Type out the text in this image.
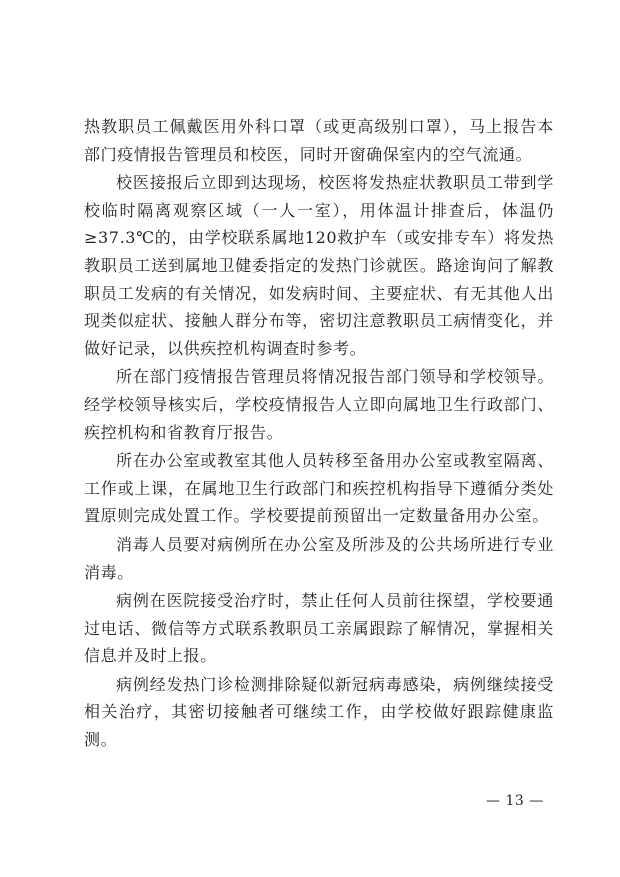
热教职员工佩戴医用外科口罩（或更高级别口罩），马上报告本部门疫情报告管理员和校医，同时开窗确保室内的空气流通。

校医接报后立即到达现场，校医将发热症状教职员工带到学校临时隔离观察区域（一人一室），用体温计排查后，体温仍≥37.3℃的，由学校联系属地120救护车（或安排专车）将发热教职员工送到属地卫健委指定的发热门诊就医。路途询问了解教职员工发病的有关情况，如发病时间、主要症状、有无其他人出现类似症状、接触人群分布等，密切注意教职员工病情变化，并做好记录，以供疾控机构调查时参考。

所在部门疫情报告管理员将情况报告部门领导和学校领导。经学校领导核实后，学校疫情报告人立即向属地卫生行政部门、疾控机构和省教育厅报告。

所在办公室或教室其他人员转移至备用办公室或教室隔离、工作或上课，在属地卫生行政部门和疾控机构指导下遵循分类处置原则完成处置工作。学校要提前预留出一定数量备用办公室。

消毒人员要对病例所在办公室及所涉及的公共场所进行专业消毒。

病例在医院接受治疗时，禁止任何人员前往探望，学校要通过电话、微信等方式联系教职员工亲属跟踪了解情况，掌握相关信息并及时上报。

病例经发热门诊检测排除疑似新冠病毒感染，病例继续接受相关治疗，其密切接触者可继续工作，由学校做好跟踪健康监测。

— 13 —
